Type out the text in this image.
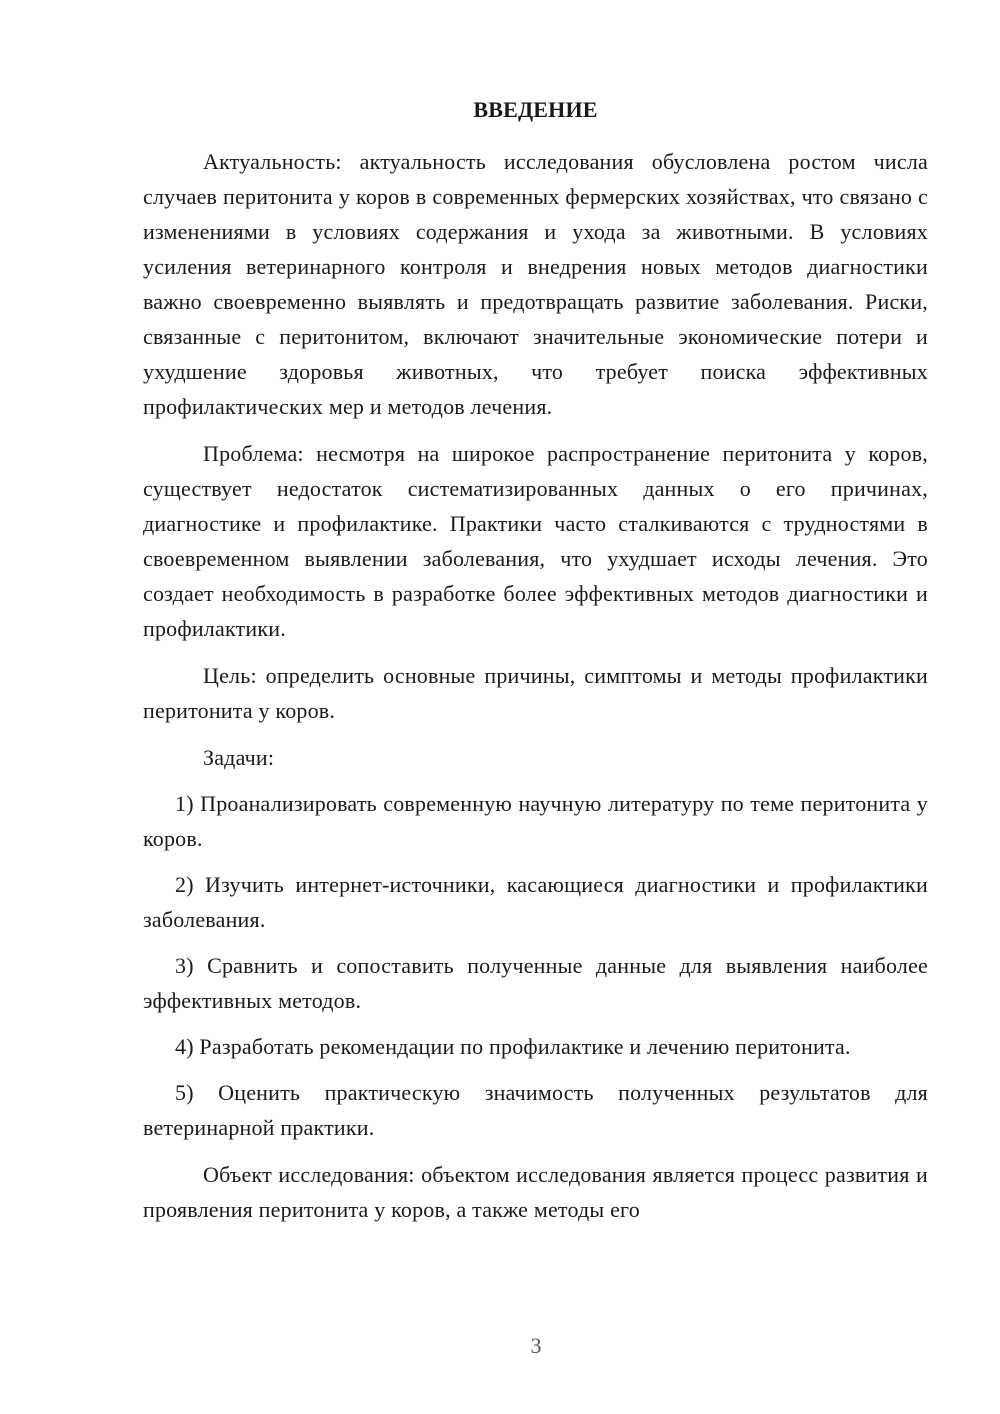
ВВЕДЕНИЕ

Актуальность: актуальность исследования обусловлена ростом числа случаев перитонита у коров в современных фермерских хозяйствах, что связано с изменениями в условиях содержания и ухода за животными. В условиях усиления ветеринарного контроля и внедрения новых методов диагностики важно своевременно выявлять и предотвращать развитие заболевания. Риски, связанные с перитонитом, включают значительные экономические потери и ухудшение здоровья животных, что требует поиска эффективных профилактических мер и методов лечения.

Проблема: несмотря на широкое распространение перитонита у коров, существует недостаток систематизированных данных о его причинах, диагностике и профилактике. Практики часто сталкиваются с трудностями в своевременном выявлении заболевания, что ухудшает исходы лечения. Это создает необходимость в разработке более эффективных методов диагностики и профилактики.

Цель: определить основные причины, симптомы и методы профилактики перитонита у коров.

Задачи:

1) Проанализировать современную научную литературу по теме перитонита у коров.

2) Изучить интернет-источники, касающиеся диагностики и профилактики заболевания.

3) Сравнить и сопоставить полученные данные для выявления наиболее эффективных методов.

4) Разработать рекомендации по профилактике и лечению перитонита.

5) Оценить практическую значимость полученных результатов для ветеринарной практики.

Объект исследования: объектом исследования является процесс развития и проявления перитонита у коров, а также методы его

3
